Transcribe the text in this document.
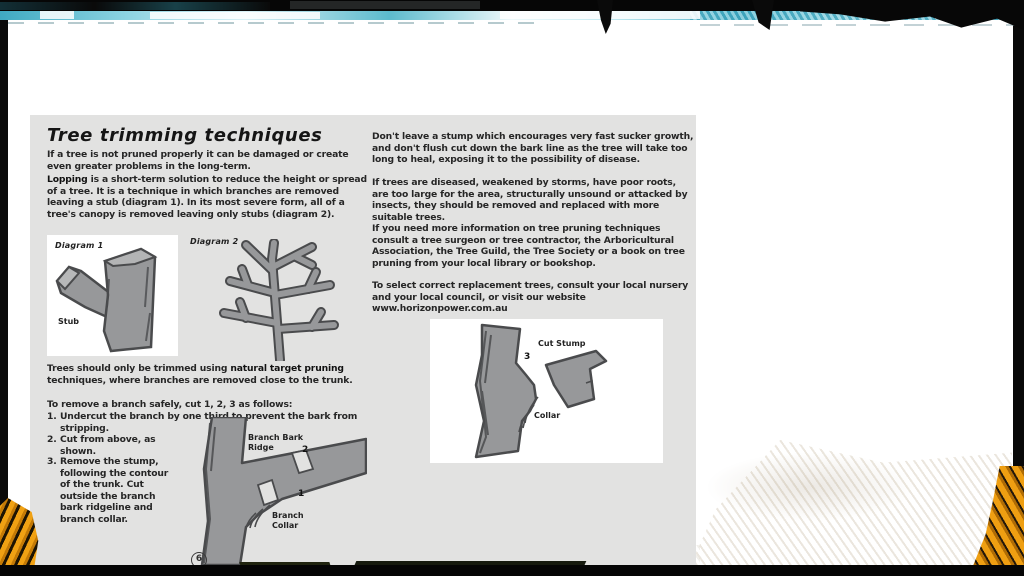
6
Tree trimming techniques

If a tree is not pruned properly it can be damaged or create even greater problems in the long-term.

Lopping is a short-term solution to reduce the height or spread of a tree. It is a technique in which branches are removed leaving a stub (diagram 1). In its most severe form, all of a tree's canopy is removed leaving only stubs (diagram 2).

Diagram 1
Stub
Diagram 2

Trees should only be trimmed using natural target pruning techniques, where branches are removed close to the trunk.

To remove a branch safely, cut 1, 2, 3 as follows:

1. Undercut the branch by one third to prevent the bark from stripping.
2. Cut from above, as shown.
3. Remove the stump, following the contour of the trunk. Cut outside the branch bark ridgeline and branch collar.
Branch Bark
Ridge	2
1
Branch
Collar

Don't leave a stump which encourages very fast sucker growth, and don't flush cut down the bark line as the tree will take too long to heal, exposing it to the possibility of disease.

If trees are diseased, weakened by storms, have poor roots, are too large for the area, structurally unsound or attacked by insects, they should be removed and replaced with more suitable trees.

If you need more information on tree pruning techniques consult a tree surgeon or tree contractor, the Arboricultural Association, the Tree Guild, the Tree Society or a book on tree pruning from your local library or bookshop.

To select correct replacement trees, consult your local nursery and your local council, or visit our website www.horizonpower.com.au

Cut Stump
3
Collar
